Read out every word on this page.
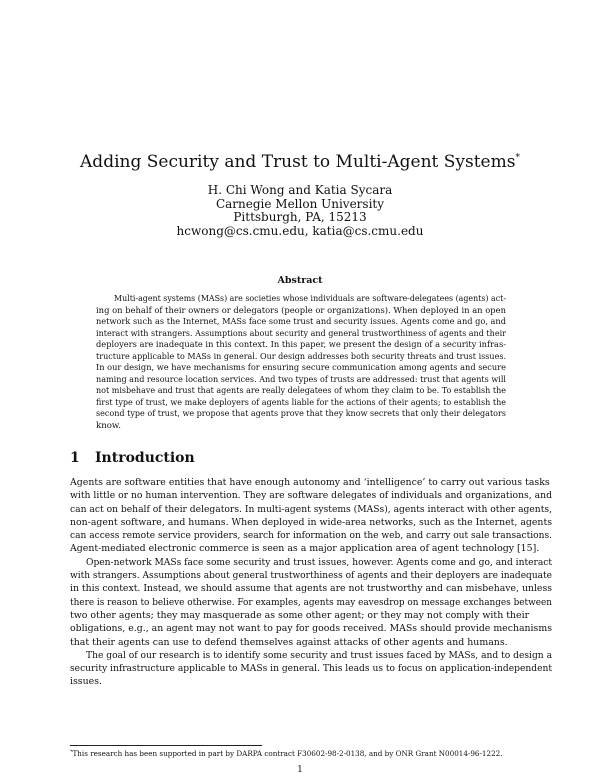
Adding Security and Trust to Multi-Agent Systems*
H. Chi Wong and Katia Sycara
Carnegie Mellon University
Pittsburgh, PA, 15213
hcwong@cs.cmu.edu, katia@cs.cmu.edu
Abstract
Multi-agent systems (MASs) are societies whose individuals are software-delegatees (agents) act-
ing on behalf of their owners or delegators (people or organizations). When deployed in an open
network such as the Internet, MASs face some trust and security issues. Agents come and go, and
interact with strangers. Assumptions about security and general trustworthiness of agents and their
deployers are inadequate in this context. In this paper, we present the design of a security infras-
tructure applicable to MASs in general. Our design addresses both security threats and trust issues.
In our design, we have mechanisms for ensuring secure communication among agents and secure
naming and resource location services. And two types of trusts are addressed: trust that agents will
not misbehave and trust that agents are really delegatees of whom they claim to be. To establish the
first type of trust, we make deployers of agents liable for the actions of their agents; to establish the
second type of trust, we propose that agents prove that they know secrets that only their delegators
know.
1 Introduction
Agents are software entities that have enough autonomy and ‘intelligence’ to carry out various tasks
with little or no human intervention. They are software delegates of individuals and organizations, and
can act on behalf of their delegators. In multi-agent systems (MASs), agents interact with other agents,
non-agent software, and humans. When deployed in wide-area networks, such as the Internet, agents
can access remote service providers, search for information on the web, and carry out sale transactions.
Agent-mediated electronic commerce is seen as a major application area of agent technology [15].
Open-network MASs face some security and trust issues, however. Agents come and go, and interact
with strangers. Assumptions about general trustworthiness of agents and their deployers are inadequate
in this context. Instead, we should assume that agents are not trustworthy and can misbehave, unless
there is reason to believe otherwise. For examples, agents may eavesdrop on message exchanges between
two other agents; they may masquerade as some other agent; or they may not comply with their
obligations, e.g., an agent may not want to pay for goods received. MASs should provide mechanisms
that their agents can use to defend themselves against attacks of other agents and humans.
The goal of our research is to identify some security and trust issues faced by MASs, and to design a
security infrastructure applicable to MASs in general. This leads us to focus on application-independent
issues.
*This research has been supported in part by DARPA contract F30602-98-2-0138, and by ONR Grant N00014-96-1222.
1
